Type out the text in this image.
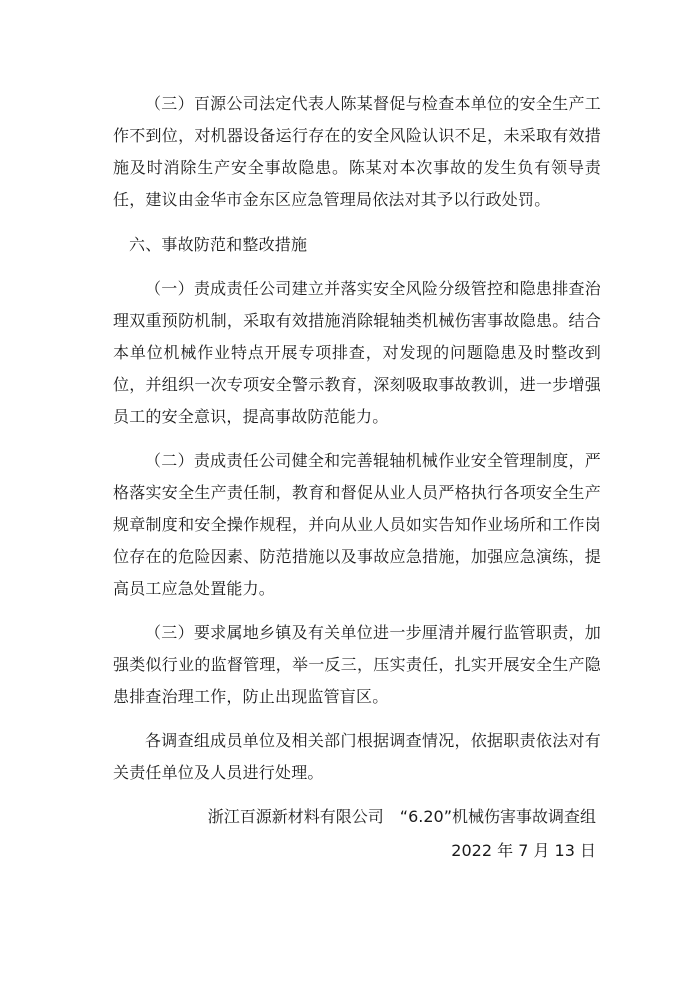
（三）百源公司法定代表人陈某督促与检查本单位的安全生产工作不到位，对机器设备运行存在的安全风险认识不足，未采取有效措施及时消除生产安全事故隐患。陈某对本次事故的发生负有领导责任，建议由金华市金东区应急管理局依法对其予以行政处罚。

六、事故防范和整改措施

（一）责成责任公司建立并落实安全风险分级管控和隐患排查治理双重预防机制，采取有效措施消除辊轴类机械伤害事故隐患。结合本单位机械作业特点开展专项排查，对发现的问题隐患及时整改到位，并组织一次专项安全警示教育，深刻吸取事故教训，进一步增强员工的安全意识，提高事故防范能力。

（二）责成责任公司健全和完善辊轴机械作业安全管理制度，严格落实安全生产责任制，教育和督促从业人员严格执行各项安全生产规章制度和安全操作规程，并向从业人员如实告知作业场所和工作岗位存在的危险因素、防范措施以及事故应急措施，加强应急演练，提高员工应急处置能力。

（三）要求属地乡镇及有关单位进一步厘清并履行监管职责，加强类似行业的监督管理，举一反三，压实责任，扎实开展安全生产隐患排查治理工作，防止出现监管盲区。

各调查组成员单位及相关部门根据调查情况，依据职责依法对有关责任单位及人员进行处理。

浙江百源新材料有限公司　“6.20”机械伤害事故调查组
2022 年 7 月 13 日
